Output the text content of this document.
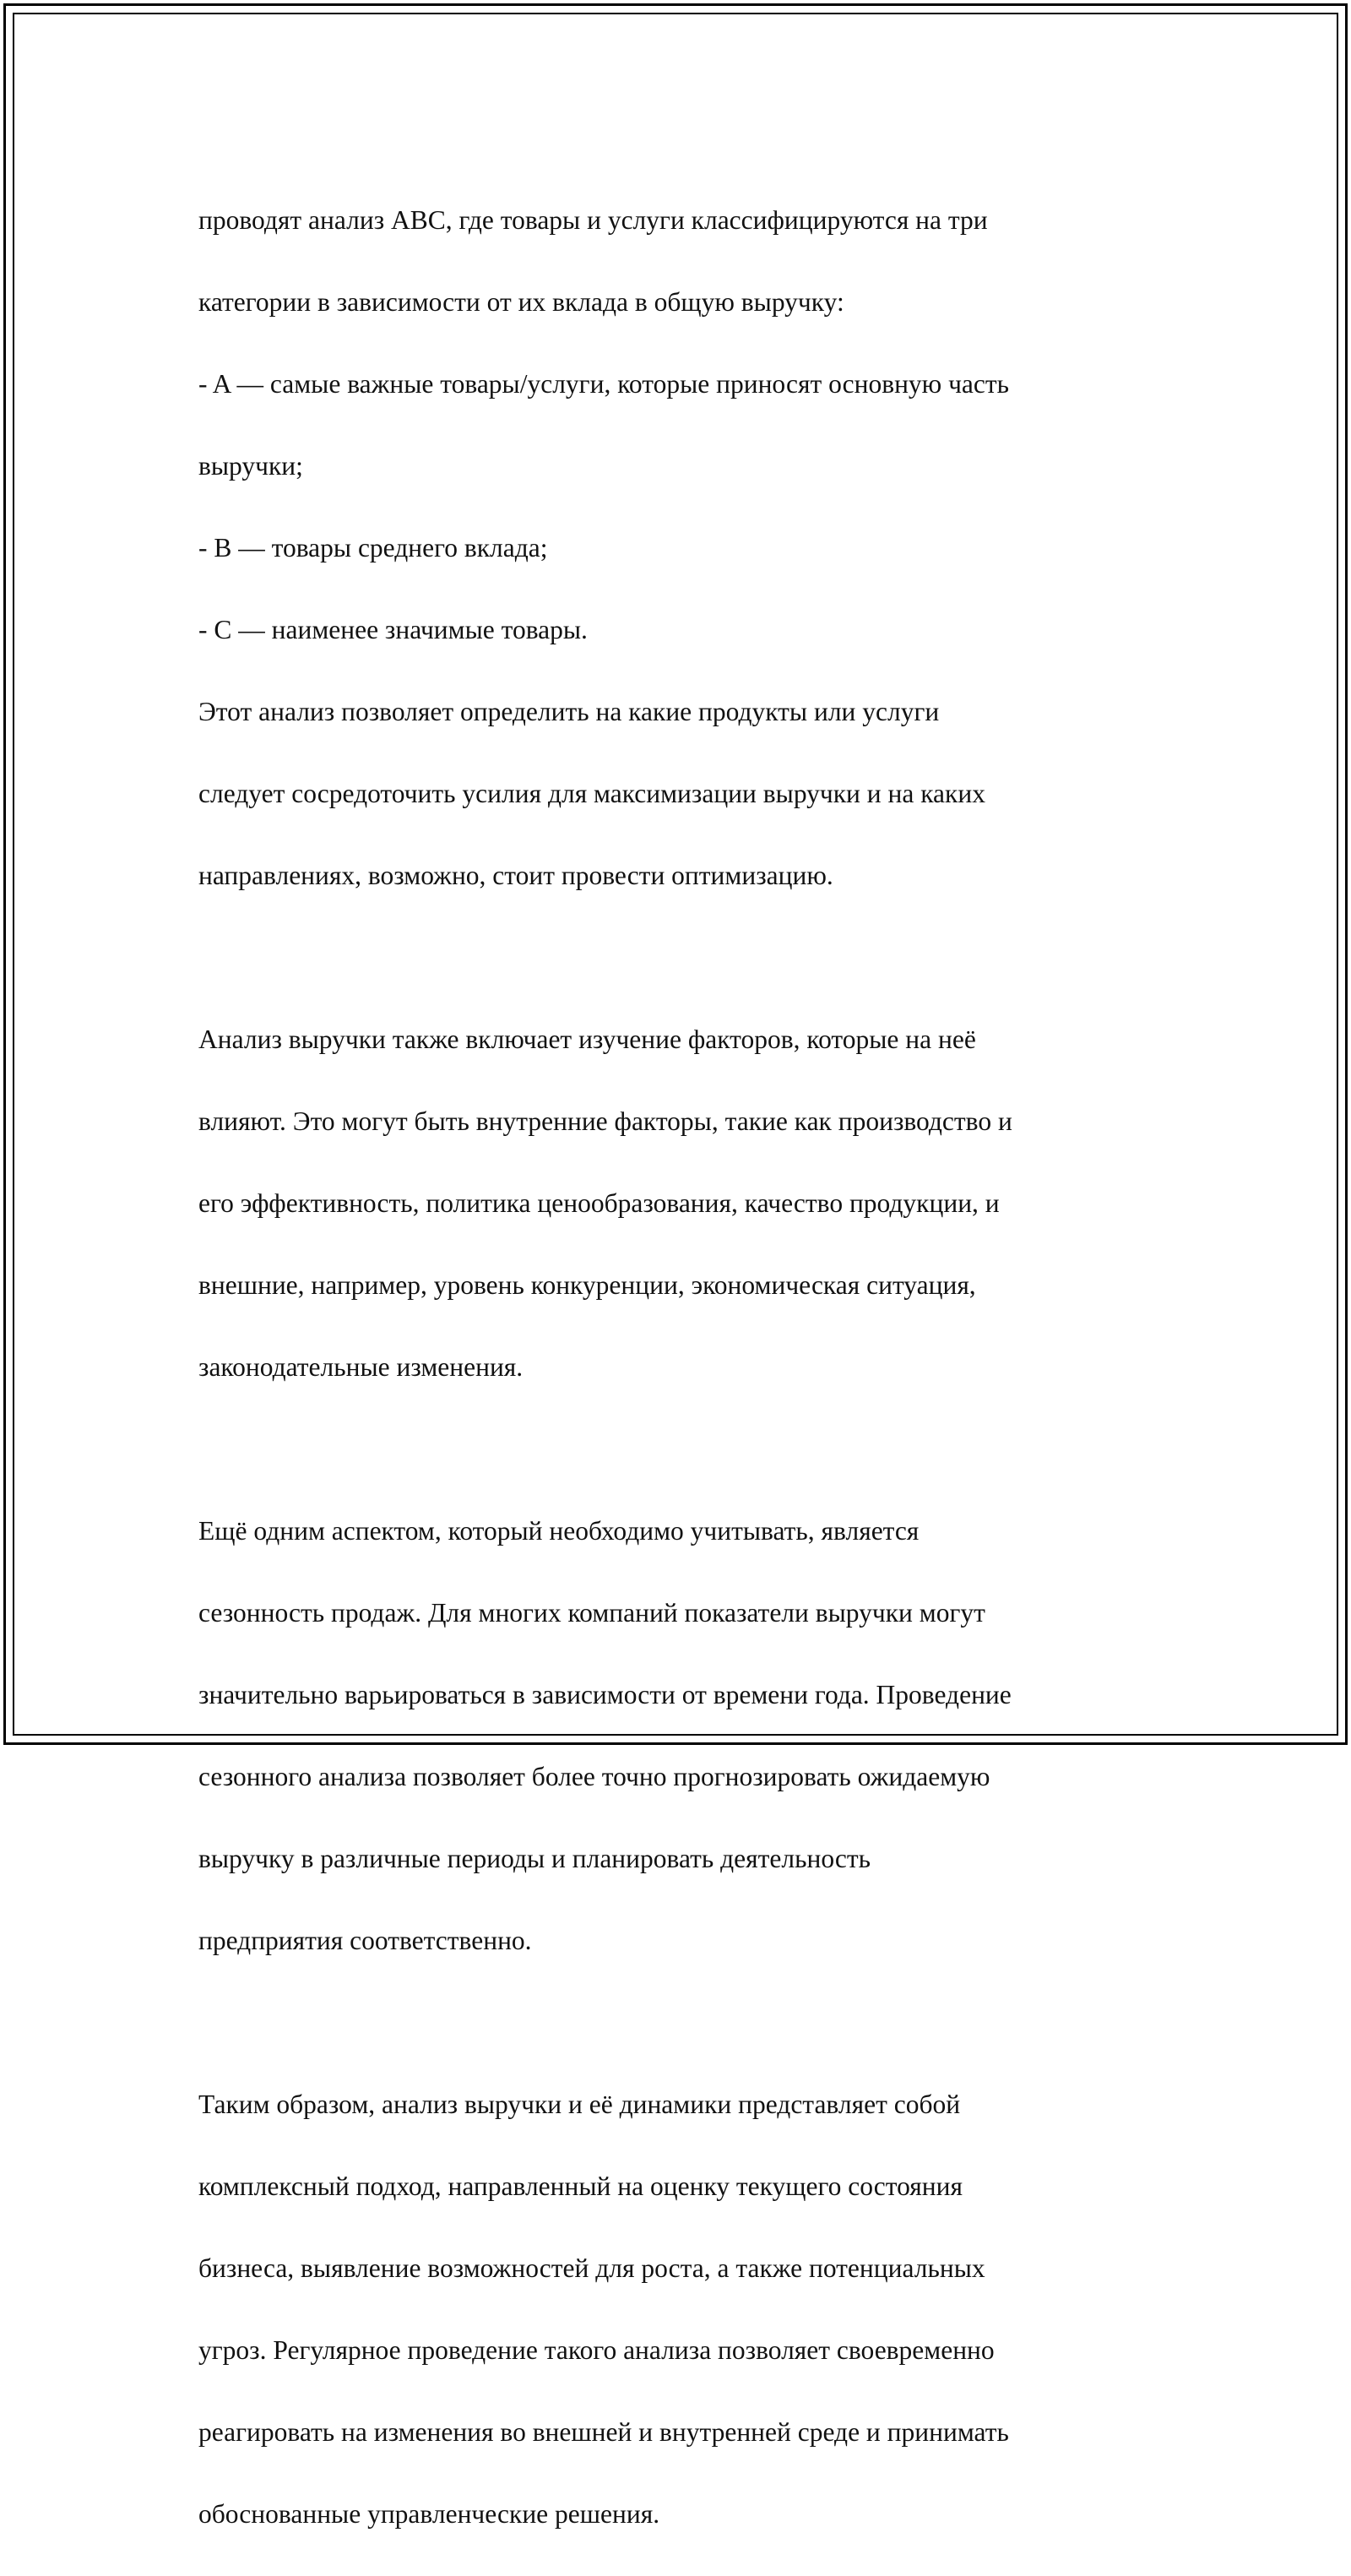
проводят анализ ABC, где товары и услуги классифицируются на три

категории в зависимости от их вклада в общую выручку:

- A — самые важные товары/услуги, которые приносят основную часть

выручки;

- B — товары среднего вклада;

- C — наименее значимые товары.

Этот анализ позволяет определить на какие продукты или услуги

следует сосредоточить усилия для максимизации выручки и на каких

направлениях, возможно, стоит провести оптимизацию.

Анализ выручки также включает изучение факторов, которые на неё

влияют. Это могут быть внутренние факторы, такие как производство и

его эффективность, политика ценообразования, качество продукции, и

внешние, например, уровень конкуренции, экономическая ситуация,

законодательные изменения.

Ещё одним аспектом, который необходимо учитывать, является

сезонность продаж. Для многих компаний показатели выручки могут

значительно варьироваться в зависимости от времени года. Проведение

сезонного анализа позволяет более точно прогнозировать ожидаемую

выручку в различные периоды и планировать деятельность

предприятия соответственно.

Таким образом, анализ выручки и её динамики представляет собой

комплексный подход, направленный на оценку текущего состояния

бизнеса, выявление возможностей для роста, а также потенциальных

угроз. Регулярное проведение такого анализа позволяет своевременно

реагировать на изменения во внешней и внутренней среде и принимать

обоснованные управленческие решения.
